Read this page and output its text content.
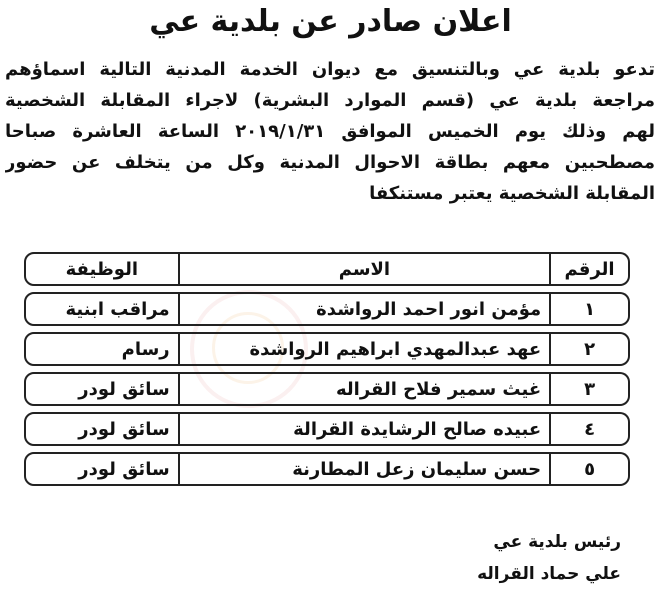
اعلان صادر عن بلدية عي
تدعو بلدية عي وبالتنسيق مع ديوان الخدمة المدنية التالية اسماؤهم
مراجعة بلدية عي (قسم الموارد البشرية) لاجراء المقابلة الشخصية
لهم وذلك يوم الخميس الموافق ٢٠١٩/١/٣١ الساعة العاشرة صباحا
مصطحبين معهم بطاقة الاحوال المدنية وكل من يتخلف عن حضور
المقابلة الشخصية يعتبر مستنكفا
الرقم	الاسم	الوظيفة
١	مؤمن انور احمد الرواشدة	مراقب ابنية
٢	عهد عبدالمهدي ابراهيم الرواشدة	رسام
٣	غيث سمير فلاح القراله	سائق لودر
٤	عبيده صالح الرشايدة القرالة	سائق لودر
٥	حسن سليمان زعل المطارنة	سائق لودر
رئيس بلدية عي
علي حماد القراله
